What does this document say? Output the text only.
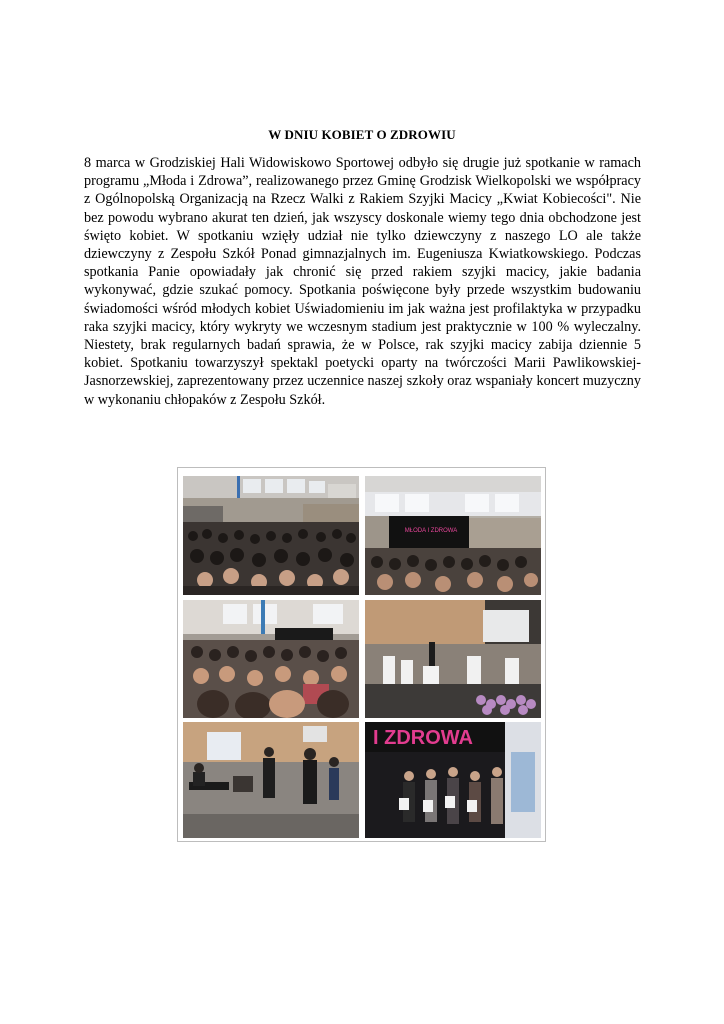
W DNIU KOBIET O ZDROWIU

8 marca w Grodziskiej Hali Widowiskowo Sportowej odbyło się drugie już spotkanie w ramach programu „Młoda i Zdrowa”, realizowanego przez Gminę Grodzisk Wielkopolski we współpracy z Ogólnopolską Organizacją na Rzecz Walki z Rakiem Szyjki Macicy „Kwiat Kobiecości". Nie bez powodu wybrano akurat ten dzień, jak wszyscy doskonale wiemy tego dnia obchodzone jest święto kobiet. W spotkaniu wzięły udział nie tylko dziewczyny z naszego LO ale także dziewczyny z Zespołu Szkół Ponad gimnazjalnych im. Eugeniusza Kwiatkowskiego. Podczas spotkania Panie opowiadały jak chronić się przed rakiem szyjki macicy, jakie badania wykonywać, gdzie szukać pomocy. Spotkania poświęcone były przede wszystkim budowaniu świadomości wśród młodych kobiet Uświadomieniu im jak ważna jest profilaktyka w przypadku raka szyjki macicy, który wykryty we wczesnym stadium jest praktycznie w 100 % wyleczalny. Niestety, brak regularnych badań sprawia, że w Polsce, rak szyjki macicy zabija dziennie 5 kobiet. Spotkaniu towarzyszył spektakl poetycki oparty na twórczości Marii Pawlikowskiej- Jasnorzewskiej, zaprezentowany przez uczennice naszej szkoły oraz wspaniały koncert muzyczny w wykonaniu chłopaków z Zespołu Szkół.

MŁODA I ZDROWA
I ZDROWA
